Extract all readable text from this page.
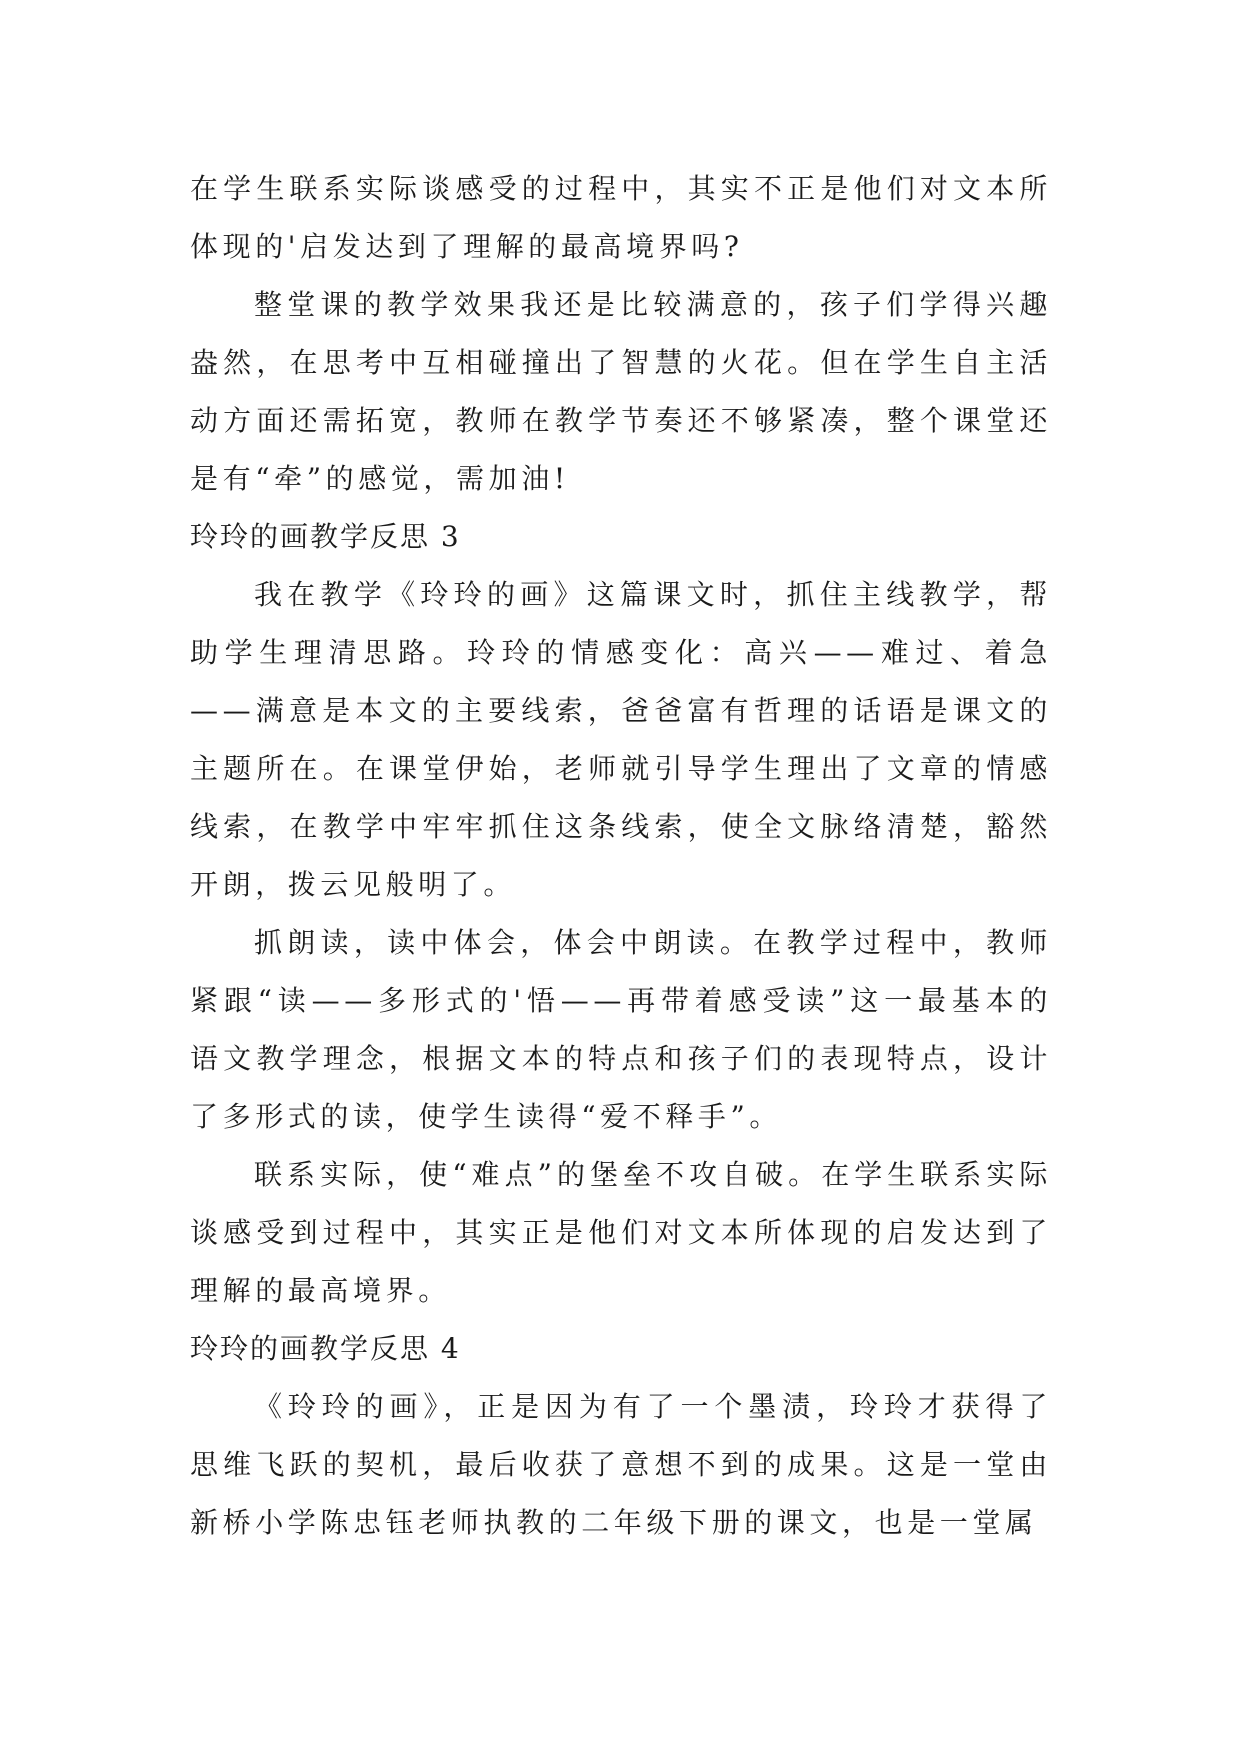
在学生联系实际谈感受的过程中，其实不正是他们对文本所体现的'启发达到了理解的最高境界吗?

整堂课的教学效果我还是比较满意的，孩子们学得兴趣盎然，在思考中互相碰撞出了智慧的火花。但在学生自主活动方面还需拓宽，教师在教学节奏还不够紧凑，整个课堂还是有“牵”的感觉，需加油!

玲玲的画教学反思 3

我在教学《玲玲的画》这篇课文时，抓住主线教学，帮助学生理清思路。玲玲的情感变化：高兴——难过、着急——满意是本文的主要线索，爸爸富有哲理的话语是课文的主题所在。在课堂伊始，老师就引导学生理出了文章的情感线索，在教学中牢牢抓住这条线索，使全文脉络清楚，豁然开朗，拨云见般明了。

抓朗读，读中体会，体会中朗读。在教学过程中，教师紧跟“读——多形式的'悟——再带着感受读”这一最基本的语文教学理念，根据文本的特点和孩子们的表现特点，设计了多形式的读，使学生读得“爱不释手”。

联系实际，使“难点”的堡垒不攻自破。在学生联系实际谈感受到过程中，其实正是他们对文本所体现的启发达到了理解的最高境界。

玲玲的画教学反思 4

《玲玲的画》，正是因为有了一个墨渍，玲玲才获得了思维飞跃的契机，最后收获了意想不到的成果。这是一堂由新桥小学陈忠钰老师执教的二年级下册的课文，也是一堂属
